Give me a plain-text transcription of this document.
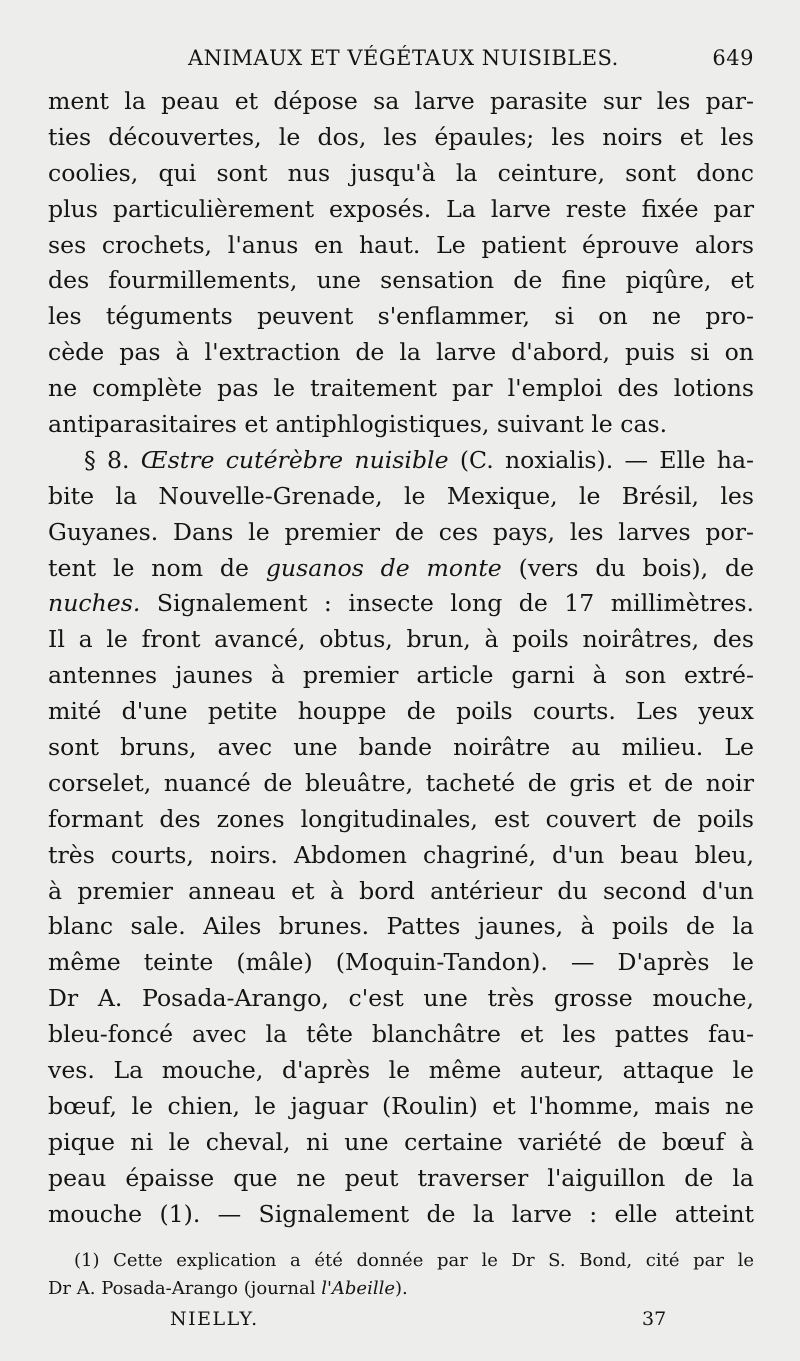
ANIMAUX ET VÉGÉTAUX NUISIBLES.	649
ment la peau et dépose sa larve parasite sur les par-
ties découvertes, le dos, les épaules; les noirs et les
coolies, qui sont nus jusqu'à la ceinture, sont donc
plus particulièrement exposés. La larve reste fixée par
ses crochets, l'anus en haut. Le patient éprouve alors
des fourmillements, une sensation de fine piqûre, et
les téguments peuvent s'enflammer, si on ne pro-
cède pas à l'extraction de la larve d'abord, puis si on
ne complète pas le traitement par l'emploi des lotions
antiparasitaires et antiphlogistiques, suivant le cas.
§ 8. Œstre cutérèbre nuisible (C. noxialis). — Elle ha-
bite la Nouvelle-Grenade, le Mexique, le Brésil, les
Guyanes. Dans le premier de ces pays, les larves por-
tent le nom de gusanos de monte (vers du bois), de
nuches. Signalement : insecte long de 17 millimètres.
Il a le front avancé, obtus, brun, à poils noirâtres, des
antennes jaunes à premier article garni à son extré-
mité d'une petite houppe de poils courts. Les yeux
sont bruns, avec une bande noirâtre au milieu. Le
corselet, nuancé de bleuâtre, tacheté de gris et de noir
formant des zones longitudinales, est couvert de poils
très courts, noirs. Abdomen chagriné, d'un beau bleu,
à premier anneau et à bord antérieur du second d'un
blanc sale. Ailes brunes. Pattes jaunes, à poils de la
même teinte (mâle) (Moquin-Tandon). — D'après le
Dr A. Posada-Arango, c'est une très grosse mouche,
bleu-foncé avec la tête blanchâtre et les pattes fau-
ves. La mouche, d'après le même auteur, attaque le
bœuf, le chien, le jaguar (Roulin) et l'homme, mais ne
pique ni le cheval, ni une certaine variété de bœuf à
peau épaisse que ne peut traverser l'aiguillon de la
mouche (1). — Signalement de la larve : elle atteint
(1) Cette explication a été donnée par le Dr S. Bond, cité par le
Dr A. Posada-Arango (journal l'Abeille).
NIELLY.	37
